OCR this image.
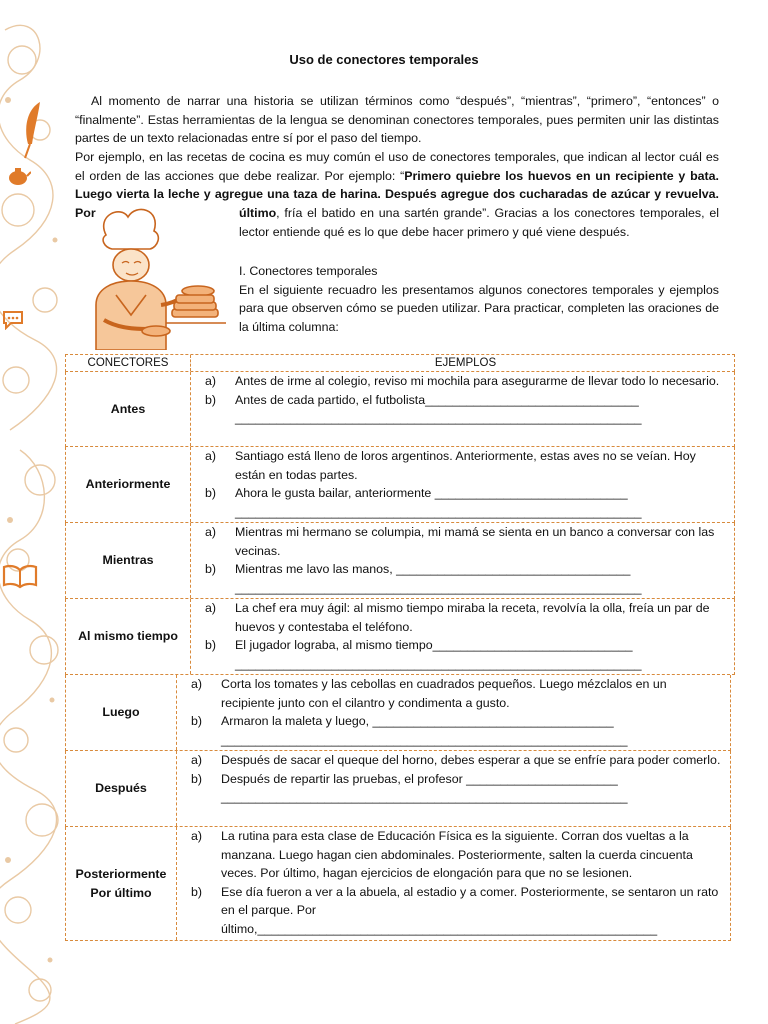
Uso de conectores temporales

Al momento de narrar una historia se utilizan términos como “después”, “mientras”, “primero”, “entonces” o “finalmente”. Estas herramientas de la lengua se denominan conectores temporales, pues permiten unir las distintas partes de un texto relacionadas entre sí por el paso del tiempo.

Por ejemplo, en las recetas de cocina es muy común el uso de conectores temporales, que indican al lector cuál es el orden de las acciones que debe realizar. Por ejemplo: “Primero quiebre los huevos en un recipiente y bata. Luego vierta la leche y agregue una taza de harina. Después agregue dos cucharadas de azúcar y revuelva. Por	último, fría el batido en una sartén grande”. Gracias a los conectores temporales, el lector entiende qué es lo que debe hacer primero y qué viene después.

I. Conectores temporales
En el siguiente recuadro les presentamos algunos conectores temporales y ejemplos para que observen cómo se pueden utilizar. Para practicar, completen las oraciones de la última columna:

CONECTORES	EJEMPLOS
Antes
a)	Antes de irme al colegio, reviso mi mochila para asegurarme de llevar todo lo necesario.
b)	Antes de cada partido, el futbolista_______________________________
___________________________________________________________
Anteriormente
a)	Santiago está lleno de loros argentinos. Anteriormente, estas aves no se veían. Hoy están en todas partes.
b)	Ahora le gusta bailar, anteriormente ____________________________
___________________________________________________________
Mientras
a)	Mientras mi hermano se columpia, mi mamá se sienta en un banco a conversar con las vecinas.
b)	Mientras me lavo las manos, __________________________________
___________________________________________________________
Al mismo tiempo
a)	La chef era muy ágil: al mismo tiempo miraba la receta, revolvía la olla, freía un par de huevos y contestaba el teléfono.
b)	El jugador lograba, al mismo tiempo_____________________________
___________________________________________________________
Luego
a)	Corta los tomates y las cebollas en cuadrados pequeños. Luego mézclalos en un recipiente junto con el cilantro y condimenta a gusto.
b)	Armaron la maleta y luego, ___________________________________
___________________________________________________________
Después
a)	Después de sacar el queque del horno, debes esperar a que se enfríe para poder comerlo.
b)	Después de repartir las pruebas, el profesor ______________________
___________________________________________________________
Posteriormente
Por último
a)	La rutina para esta clase de Educación Física es la siguiente. Corran dos vueltas a la manzana. Luego hagan cien abdominales. Posteriormente, salten la cuerda cincuenta veces. Por último, hagan ejercicios de elongación para que no se lesionen.
b)	Ese día fueron a ver a la abuela, al estadio y a comer. Posteriormente, se sentaron un rato en el parque. Por
último,__________________________________________________________
